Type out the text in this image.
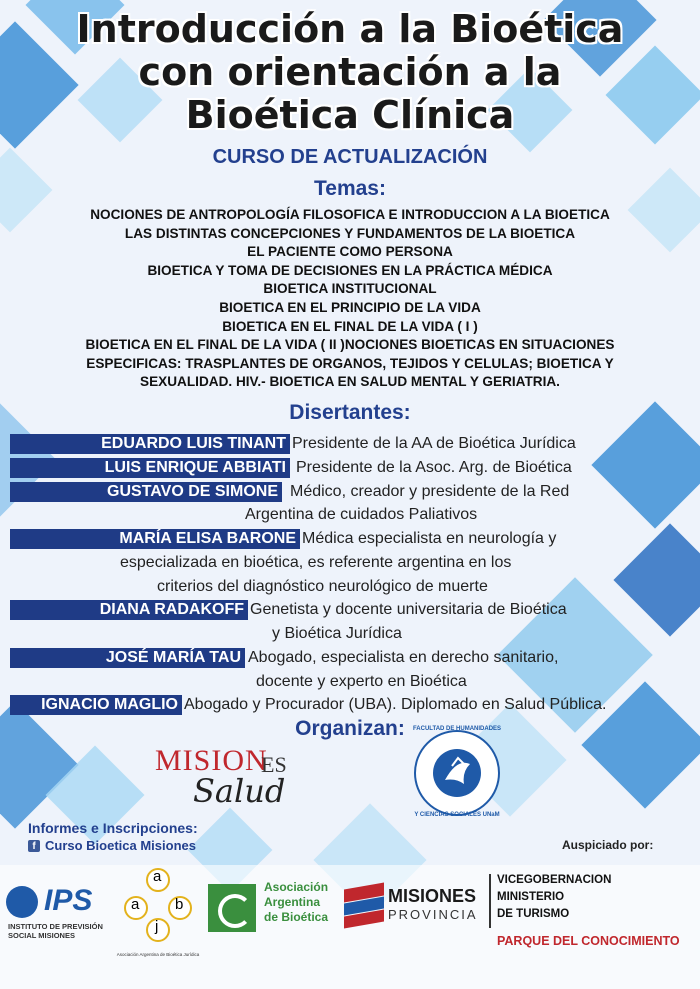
Introducción a la Bioética
con orientación a la
Bioética Clínica
CURSO DE ACTUALIZACIÓN
Temas:
NOCIONES DE ANTROPOLOGÍA FILOSOFICA E INTRODUCCION A LA BIOETICA
LAS DISTINTAS CONCEPCIONES Y FUNDAMENTOS DE LA BIOETICA
EL PACIENTE COMO PERSONA
BIOETICA Y TOMA DE DECISIONES EN LA PRÁCTICA MÉDICA
BIOETICA INSTITUCIONAL
BIOETICA EN EL PRINCIPIO DE LA VIDA
BIOETICA EN EL FINAL DE LA VIDA ( I )
BIOETICA EN EL FINAL DE LA VIDA ( II )NOCIONES BIOETICAS EN SITUACIONES
ESPECIFICAS: TRASPLANTES DE ORGANOS, TEJIDOS Y CELULAS; BIOETICA Y
SEXUALIDAD. HIV.- BIOETICA EN SALUD MENTAL Y GERIATRIA.
Disertantes:
EDUARDO LUIS TINANT Presidente de la AA de Bioética Jurídica
LUIS ENRIQUE ABBIATI Presidente de la Asoc. Arg. de Bioética
GUSTAVO DE SIMONE Médico, creador y presidente de la Red
Argentina de cuidados Paliativos
MARÍA ELISA BARONE Médica especialista en neurología y
especializada en bioética, es referente argentina en los
criterios del diagnóstico neurológico de muerte
DIANA RADAKOFF Genetista y docente universitaria de Bioética
y Bioética Jurídica
JOSÉ MARÍA TAU Abogado, especialista en derecho sanitario,
docente y experto en Bioética
IGNACIO MAGLIO Abogado y Procurador (UBA). Diplomado en Salud Pública.
Organizan:
MISION
ES
Salud
FACULTAD DE HUMANIDADES
Y CIENCIAS SOCIALES UNaM
Informes e Inscripciones:
f Curso Bioetica Misiones	Auspiciado por:
IPS
INSTITUTO DE PREVISIÓN
SOCIAL MISIONES
a
a b
j
Asociación Argentina de Bioética Jurídica
Asociación
Argentina
de Bioética
MISIONES
PROVINCIA
VICEGOBERNACION
MINISTERIO
DE TURISMO
PARQUE DEL CONOCIMIENTO
